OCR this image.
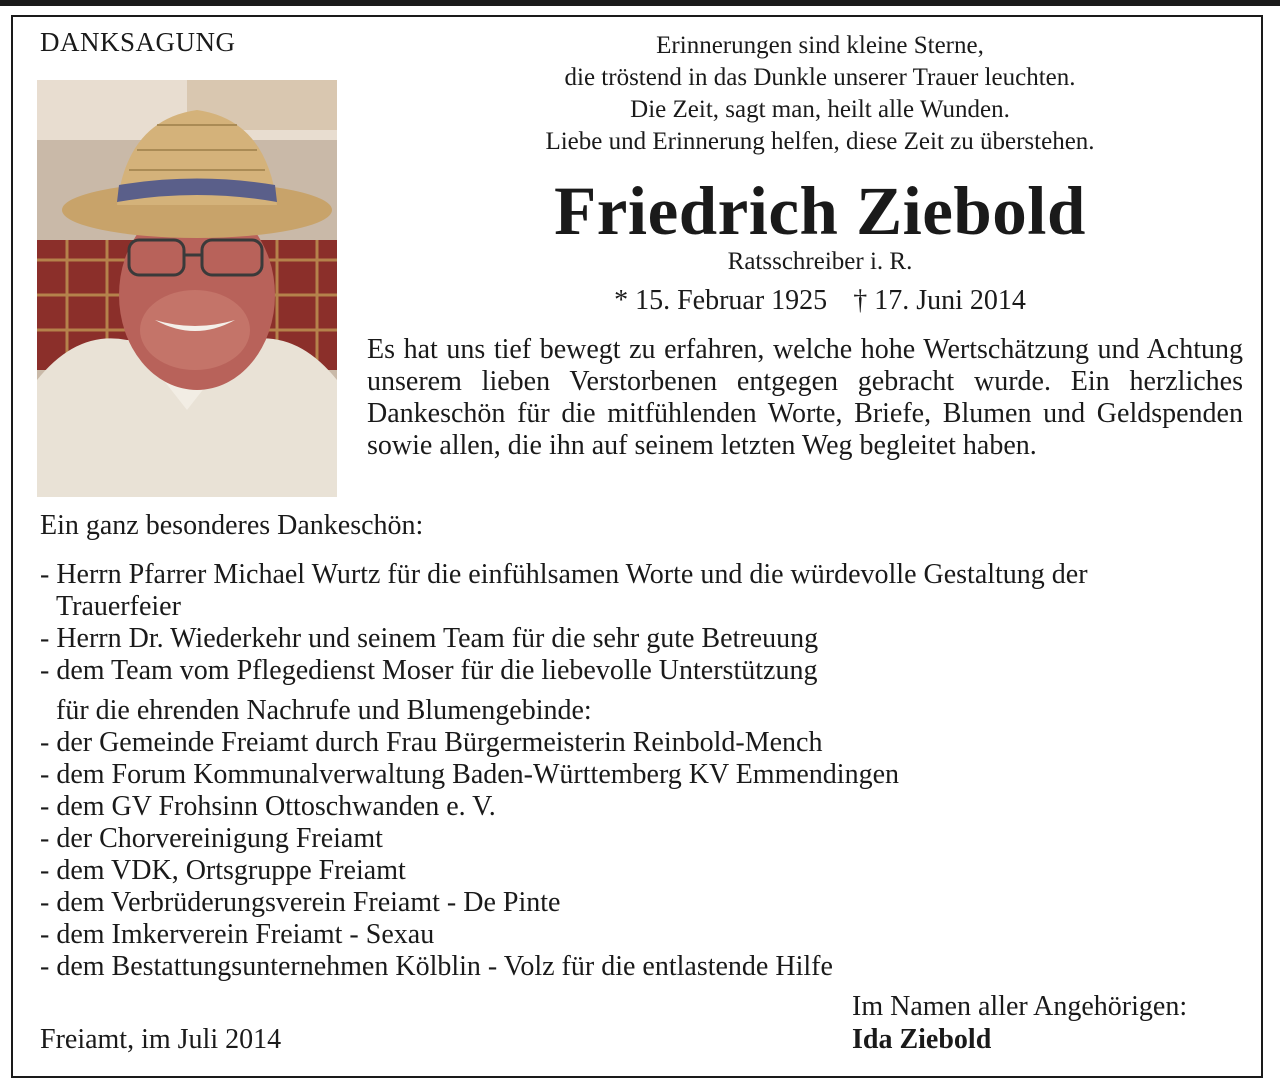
DANKSAGUNG	Erinnerungen sind kleine Sterne,
die tröstend in das Dunkle unserer Trauer leuchten.
Die Zeit, sagt man, heilt alle Wunden.
Liebe und Erinnerung helfen, diese Zeit zu überstehen.
Friedrich Ziebold
Ratsschreiber i. R.
* 15. Februar 1925 † 17. Juni 2014
Es hat uns tief bewegt zu erfahren, welche hohe Wertschätzung und Achtung unserem lieben Verstorbenen entgegen gebracht wurde. Ein herzliches Dankeschön für die mitfühlenden Worte, Briefe, Blumen und Geldspenden sowie allen, die ihn auf seinem letzten Weg begleitet haben.
Ein ganz besonderes Dankeschön:
- Herrn Pfarrer Michael Wurtz für die einfühlsamen Worte und die würdevolle Gestaltung der
Trauerfeier
- Herrn Dr. Wiederkehr und seinem Team für die sehr gute Betreuung
- dem Team vom Pflegedienst Moser für die liebevolle Unterstützung
für die ehrenden Nachrufe und Blumengebinde:
- der Gemeinde Freiamt durch Frau Bürgermeisterin Reinbold-Mench
- dem Forum Kommunalverwaltung Baden-Württemberg KV Emmendingen
- dem GV Frohsinn Ottoschwanden e. V.
- der Chorvereinigung Freiamt
- dem VDK, Ortsgruppe Freiamt
- dem Verbrüderungsverein Freiamt - De Pinte
- dem Imkerverein Freiamt - Sexau
- dem Bestattungsunternehmen Kölblin - Volz für die entlastende Hilfe
Im Namen aller Angehörigen:
Ida Ziebold
Freiamt, im Juli 2014
